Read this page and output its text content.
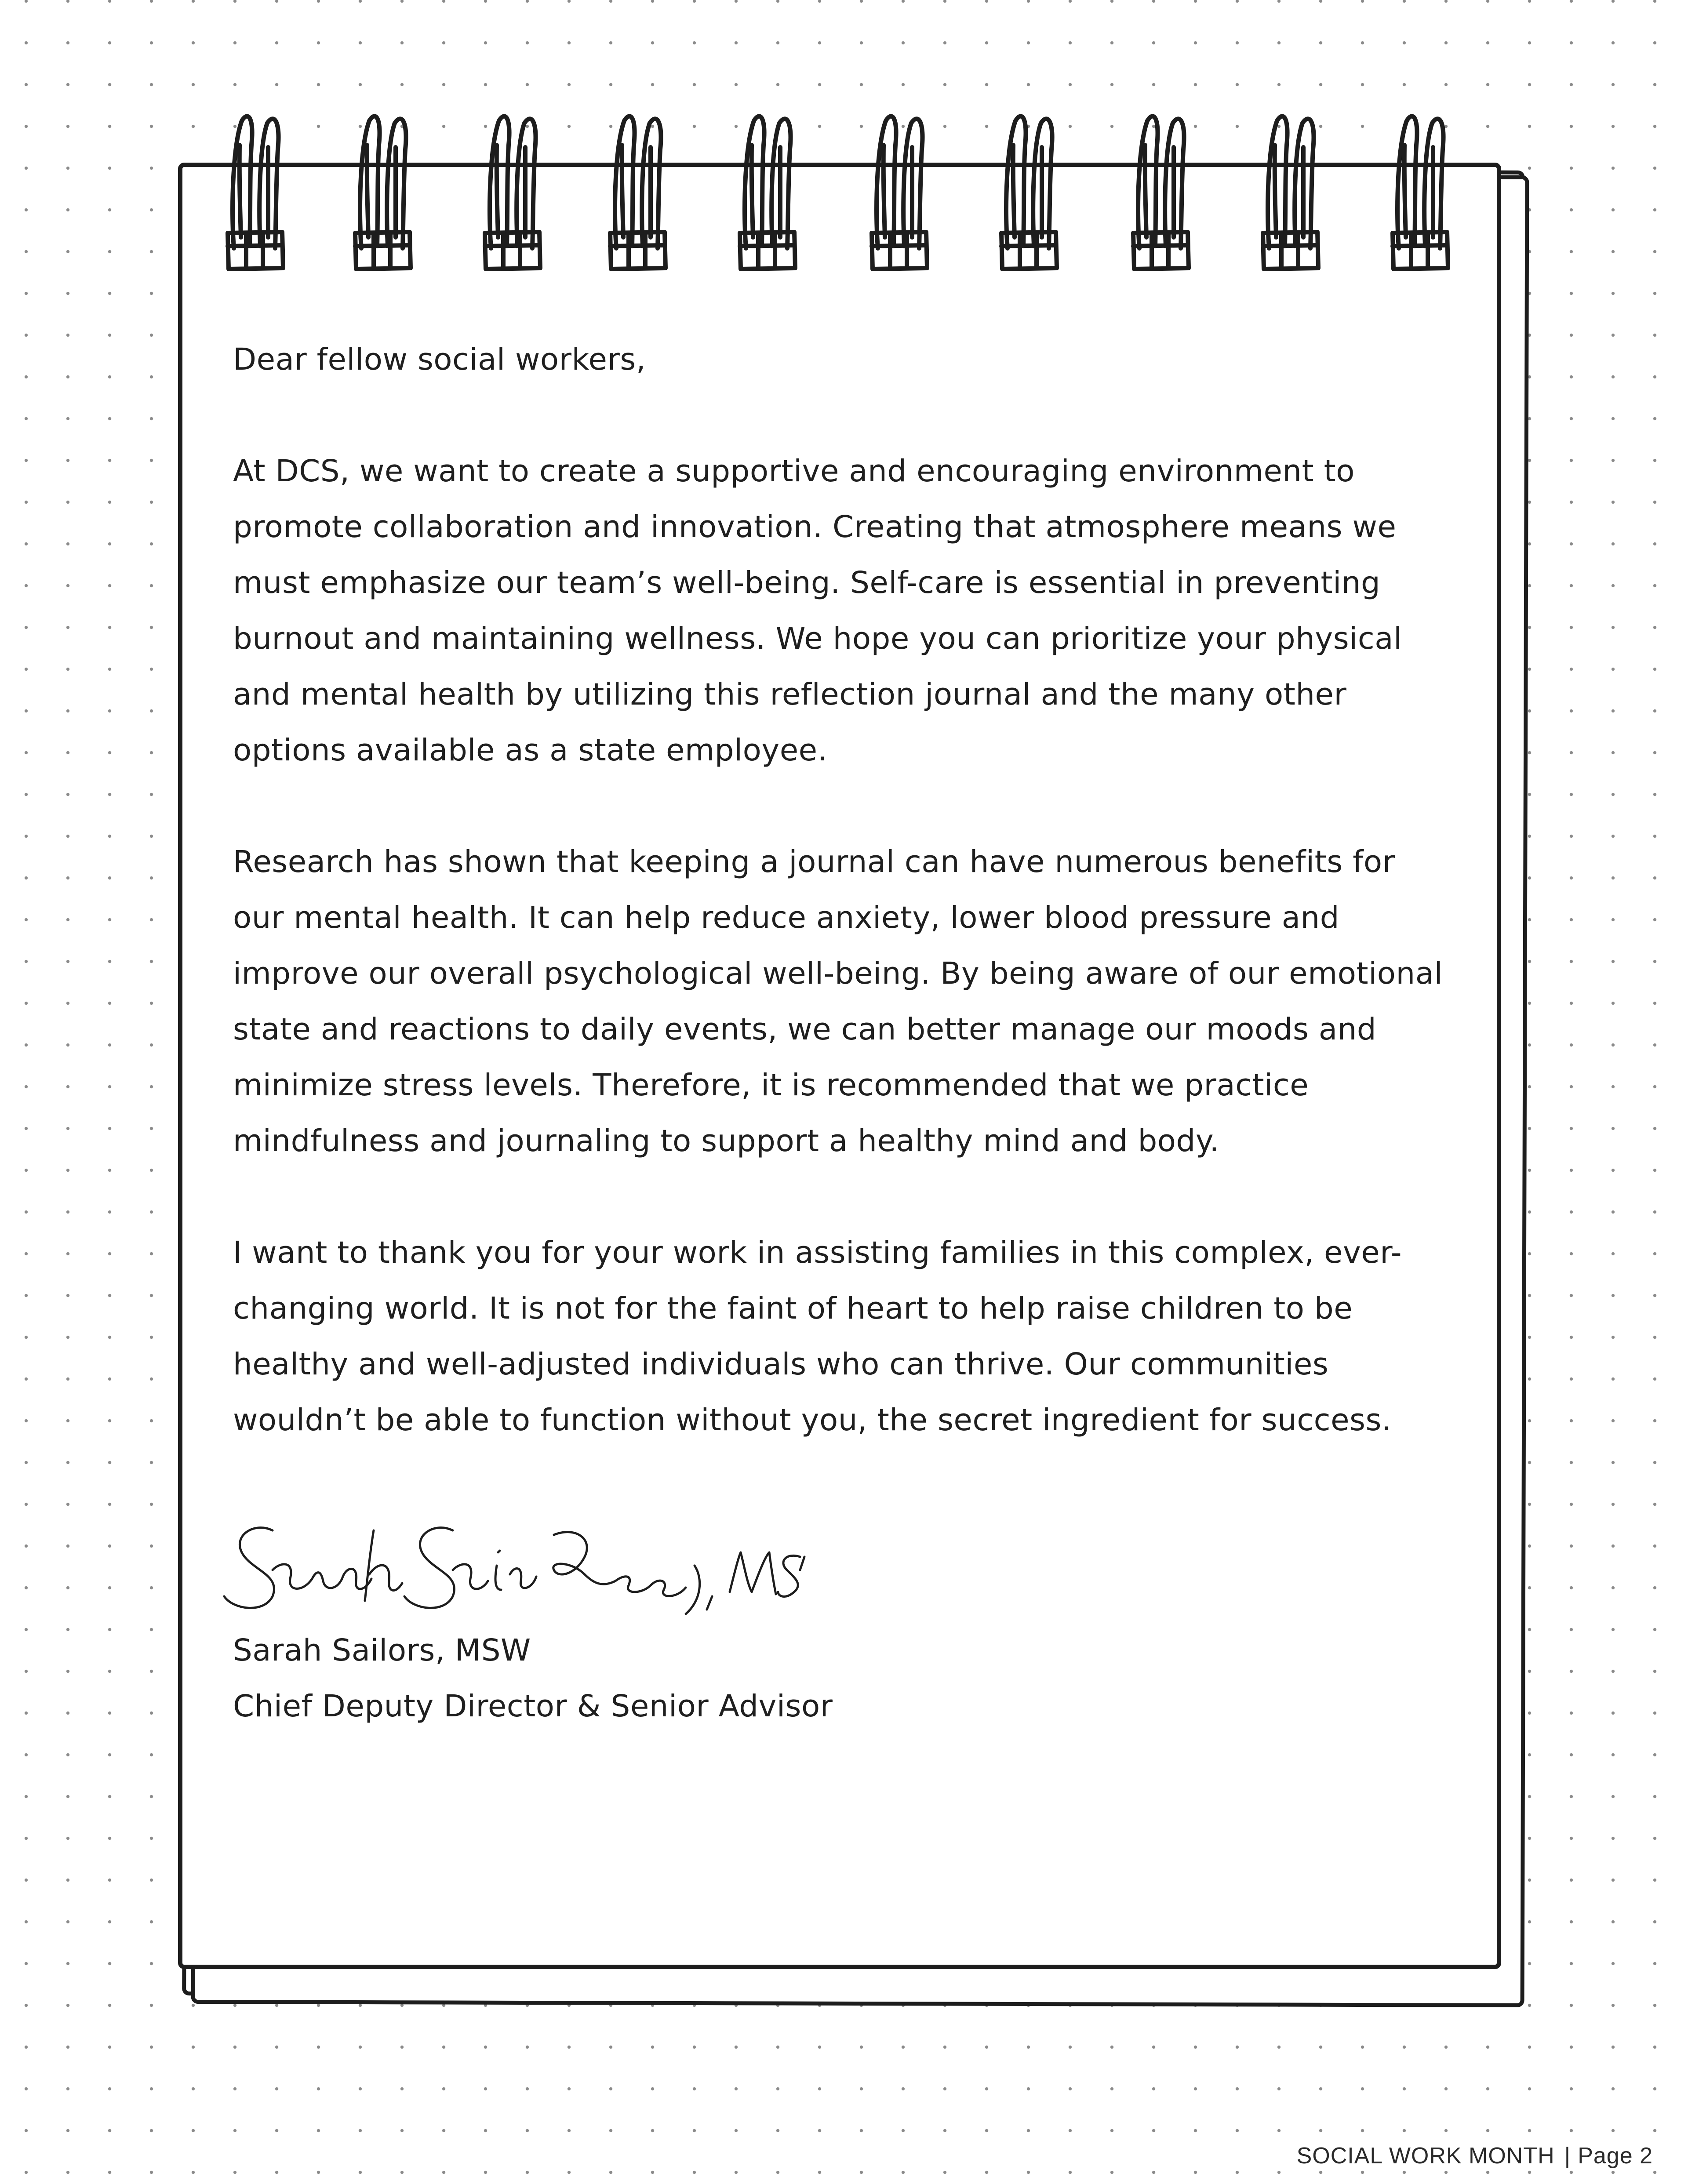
Dear fellow social workers,

At DCS, we want to create a supportive and encouraging environment to promote collaboration and innovation. Creating that atmosphere means we must emphasize our team’s well-being. Self-care is essential in preventing burnout and maintaining wellness. We hope you can prioritize your physical and mental health by utilizing this reflection journal and the many other options available as a state employee.

Research has shown that keeping a journal can have numerous benefits for our mental health. It can help reduce anxiety, lower blood pressure and improve our overall psychological well-being. By being aware of our emotional state and reactions to daily events, we can better manage our moods and minimize stress levels. Therefore, it is recommended that we practice mindfulness and journaling to support a healthy mind and body.

I want to thank you for your work in assisting families in this complex, ever-changing world. It is not for the faint of heart to help raise children to be healthy and well-adjusted individuals who can thrive. Our communities wouldn’t be able to function without you, the secret ingredient for success.

Sarah Sailors, MSW

Chief Deputy Director & Senior Advisor

SOCIAL WORK MONTH | Page 2
